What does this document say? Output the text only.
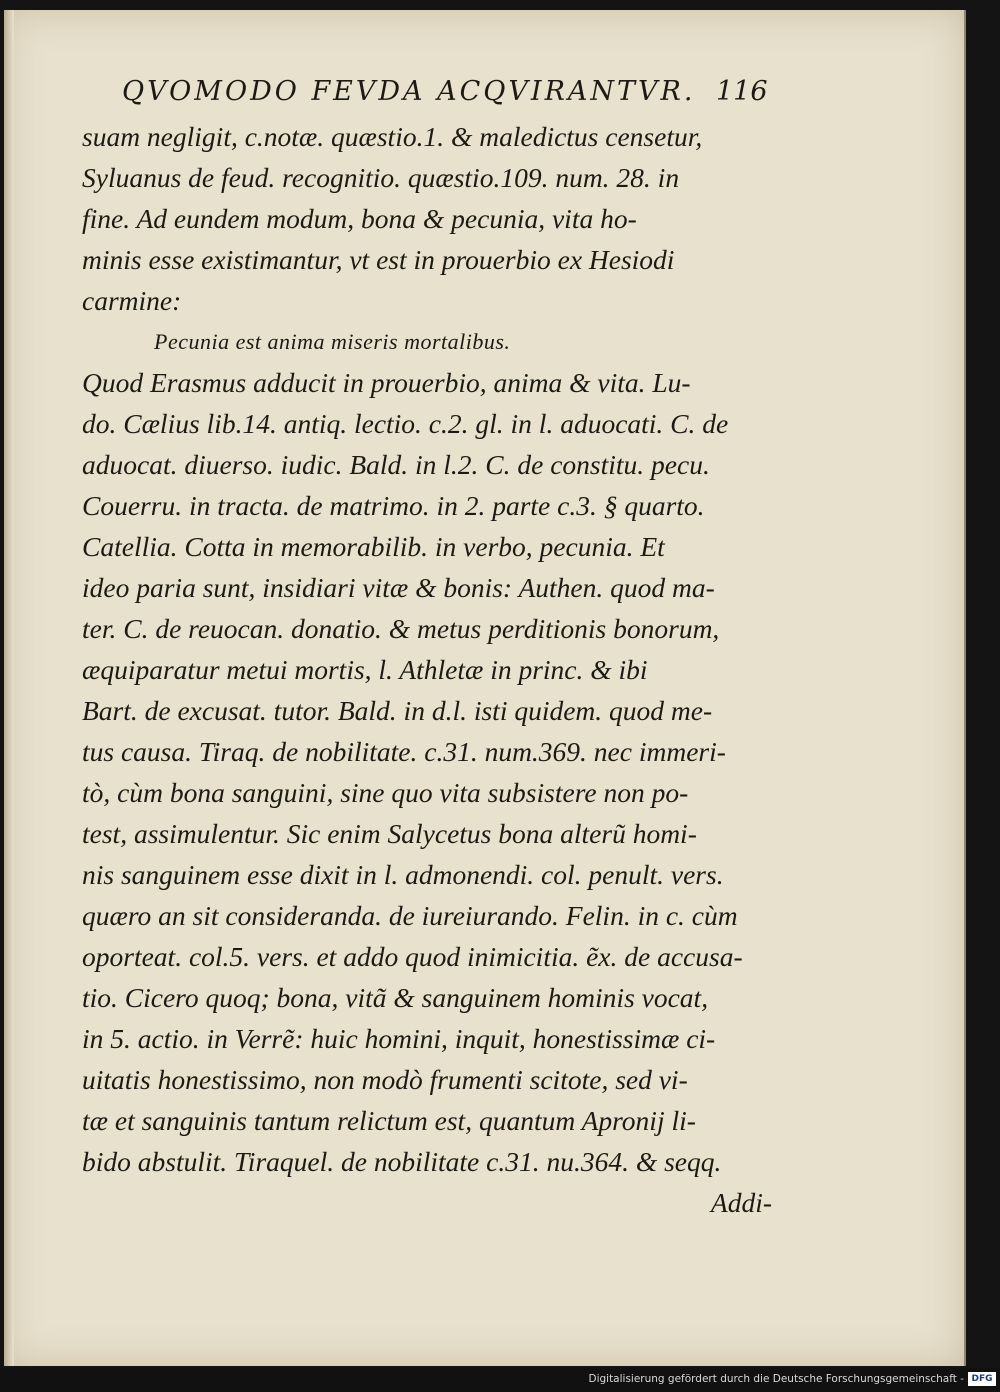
QVOMODO FEVDA ACQVIRANTVR. 116
suam negligit, c.notæ. quæstio.1. & maledictus censetur,
Syluanus de feud. recognitio. quæstio.109. num. 28. in
fine. Ad eundem modum, bona & pecunia, vita ho-
minis esse existimantur, vt est in prouerbio ex Hesiodi
carmine:
Pecunia est anima miseris mortalibus.
Quod Erasmus adducit in prouerbio, anima & vita. Lu-
do. Cælius lib.14. antiq. lectio. c.2. gl. in l. aduocati. C. de
aduocat. diuerso. iudic. Bald. in l.2. C. de constitu. pecu.
Couerru. in tracta. de matrimo. in 2. parte c.3. § quarto.
Catellia. Cotta in memorabilib. in verbo, pecunia. Et
ideo paria sunt, insidiari vitæ & bonis: Authen. quod ma-
ter. C. de reuocan. donatio. & metus perditionis bonorum,
æquiparatur metui mortis, l. Athletæ in princ. & ibi
Bart. de excusat. tutor. Bald. in d.l. isti quidem. quod me-
tus causa. Tiraq. de nobilitate. c.31. num.369. nec immeri-
tò, cùm bona sanguini, sine quo vita subsistere non po-
test, assimulentur. Sic enim Salycetus bona alterũ homi-
nis sanguinem esse dixit in l. admonendi. col. penult. vers.
quæro an sit consideranda. de iureiurando. Felin. in c. cùm
oporteat. col.5. vers. et addo quod inimicitia. ẽx. de accusa-
tio. Cicero quoq; bona, vitã & sanguinem hominis vocat,
in 5. actio. in Verrẽ: huic homini, inquit, honestissimæ ci-
uitatis honestissimo, non modò frumenti scitote, sed vi-
tæ et sanguinis tantum relictum est, quantum Apronij li-
bido abstulit. Tiraquel. de nobilitate c.31. nu.364. & seqq.
Addi-
Digitalisierung gefördert durch die Deutsche Forschungsgemeinschaft - DFG
